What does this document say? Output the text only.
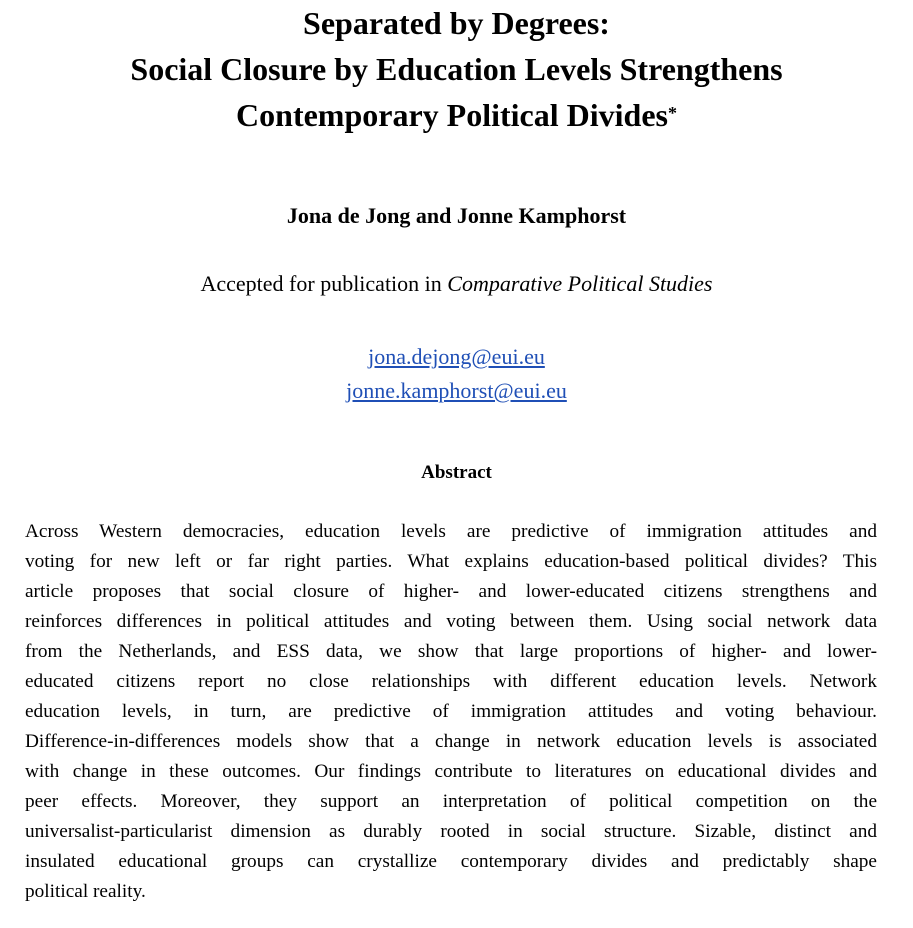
Separated by Degrees:
Social Closure by Education Levels Strengthens
Contemporary Political Divides*
Jona de Jong and Jonne Kamphorst
Accepted for publication in Comparative Political Studies
jona.dejong@eui.eu
jonne.kamphorst@eui.eu
Abstract

Across Western democracies, education levels are predictive of immigration attitudes and
voting for new left or far right parties. What explains education-based political divides? This
article proposes that social closure of higher- and lower-educated citizens strengthens and
reinforces differences in political attitudes and voting between them. Using social network data
from the Netherlands, and ESS data, we show that large proportions of higher- and lower-
educated citizens report no close relationships with different education levels. Network
education levels, in turn, are predictive of immigration attitudes and voting behaviour.
Difference-in-differences models show that a change in network education levels is associated
with change in these outcomes. Our findings contribute to literatures on educational divides and
peer effects. Moreover, they support an interpretation of political competition on the
universalist-particularist dimension as durably rooted in social structure. Sizable, distinct and
insulated educational groups can crystallize contemporary divides and predictably shape
political reality.
